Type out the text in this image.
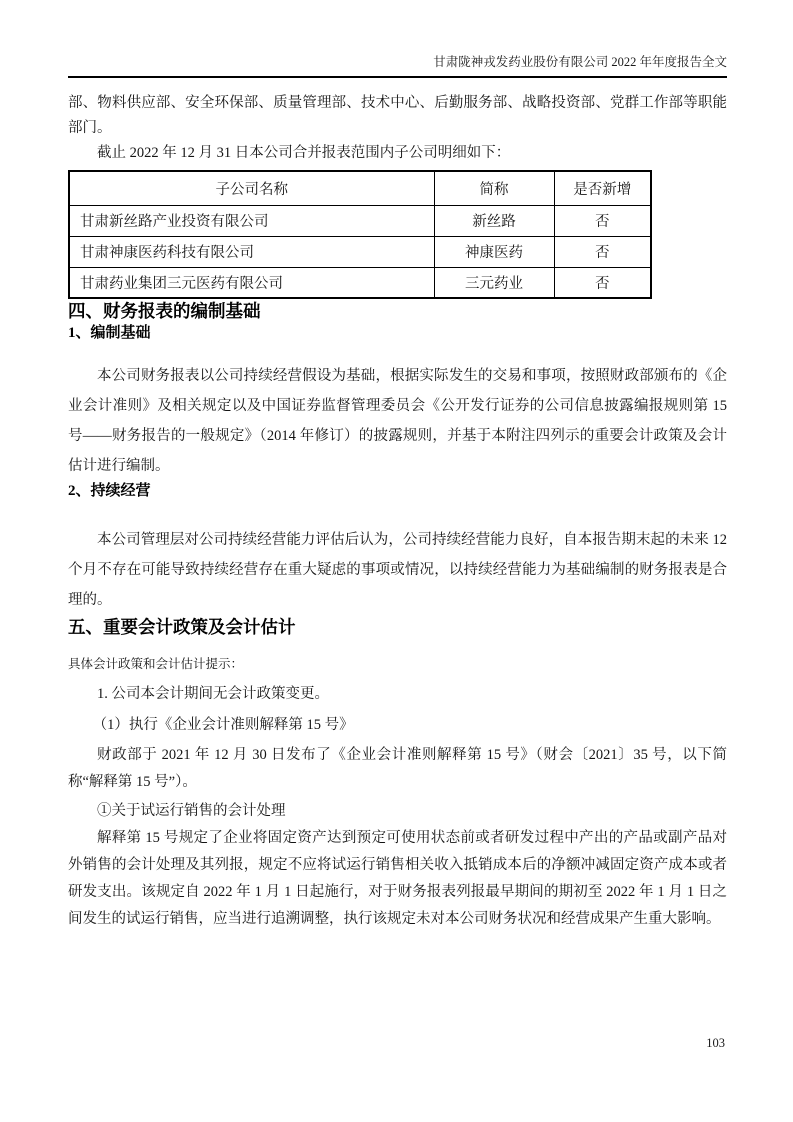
甘肃陇神戎发药业股份有限公司 2022 年年度报告全文

部、物料供应部、安全环保部、质量管理部、技术中心、后勤服务部、战略投资部、党群工作部等职能部门。

截止 2022 年 12 月 31 日本公司合并报表范围内子公司明细如下：

子公司名称	简称	是否新增
甘肃新丝路产业投资有限公司	新丝路	否
甘肃神康医药科技有限公司	神康医药	否
甘肃药业集团三元医药有限公司	三元药业	否
四、财务报表的编制基础
1、编制基础

本公司财务报表以公司持续经营假设为基础，根据实际发生的交易和事项，按照财政部颁布的《企业会计准则》及相关规定以及中国证券监督管理委员会《公开发行证券的公司信息披露编报规则第 15 号——财务报告的一般规定》（2014 年修订）的披露规则，并基于本附注四列示的重要会计政策及会计估计进行编制。

2、持续经营

本公司管理层对公司持续经营能力评估后认为，公司持续经营能力良好，自本报告期末起的未来 12 个月不存在可能导致持续经营存在重大疑虑的事项或情况，以持续经营能力为基础编制的财务报表是合理的。

五、重要会计政策及会计估计

具体会计政策和会计估计提示：

1. 公司本会计期间无会计政策变更。

（1）执行《企业会计准则解释第 15 号》

财政部于 2021 年 12 月 30 日发布了《企业会计准则解释第 15 号》（财会〔2021〕35 号，以下简称“解释第 15 号”）。

①关于试运行销售的会计处理

解释第 15 号规定了企业将固定资产达到预定可使用状态前或者研发过程中产出的产品或副产品对外销售的会计处理及其列报，规定不应将试运行销售相关收入抵销成本后的净额冲减固定资产成本或者研发支出。该规定自 2022 年 1 月 1 日起施行，对于财务报表列报最早期间的期初至 2022 年 1 月 1 日之间发生的试运行销售，应当进行追溯调整，执行该规定未对本公司财务状况和经营成果产生重大影响。

103
